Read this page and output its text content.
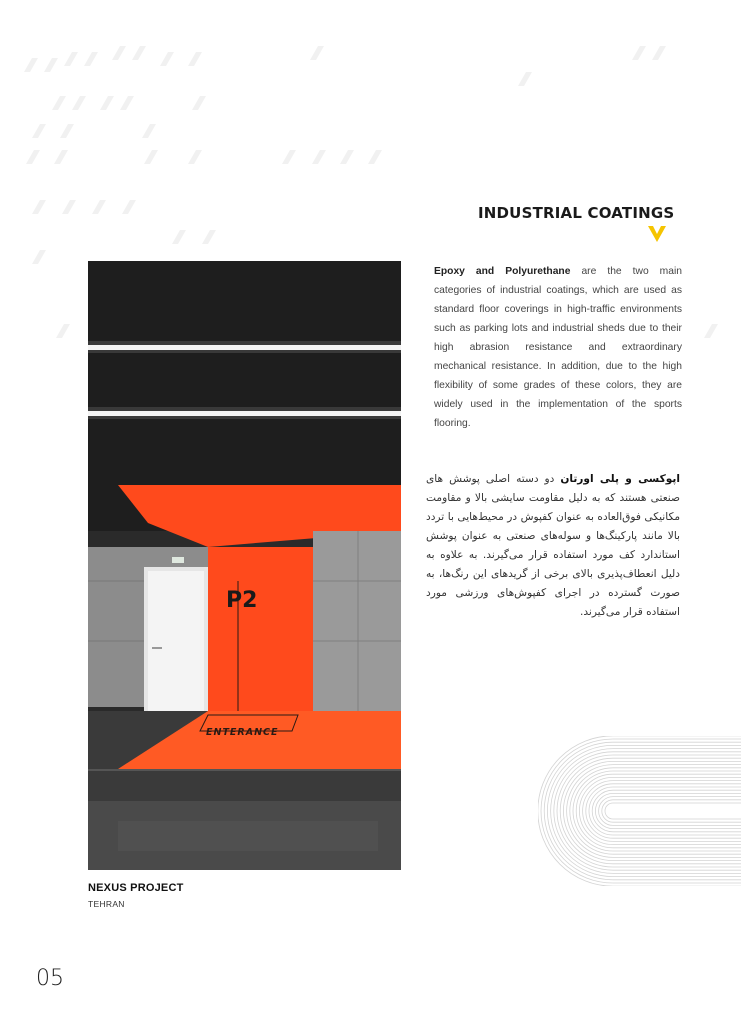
INDUSTRIAL COATINGS
P2
ENTERANCE
Epoxy and Polyurethane are the two main categories of industrial coatings, which are used as standard floor coverings in high-traffic environments such as parking lots and industrial sheds due to their high abrasion resistance and extraordinary mechanical resistance. In addition, due to the high flexibility of some grades of these colors, they are widely used in the implementation of the sports flooring.
اپوکسی و پلی اورتان دو دسته اصلی پوشش های صنعتی هستند که به دلیل مقاومت سایشی بالا و مقاومت مکانیکی فوق‌العاده به عنوان کفپوش در محیط‌هایی با تردد بالا مانند پارکینگ‌ها و سوله‌های صنعتی به عنوان پوشش استاندارد کف مورد استفاده قرار می‌گیرند. به علاوه به دلیل انعطاف‌پذیری بالای برخی از گریدهای این رنگ‌ها، به صورت گسترده در اجرای کفپوش‌های ورزشی مورد استفاده قرار می‌گیرند.
NEXUS PROJECT
TEHRAN
05
